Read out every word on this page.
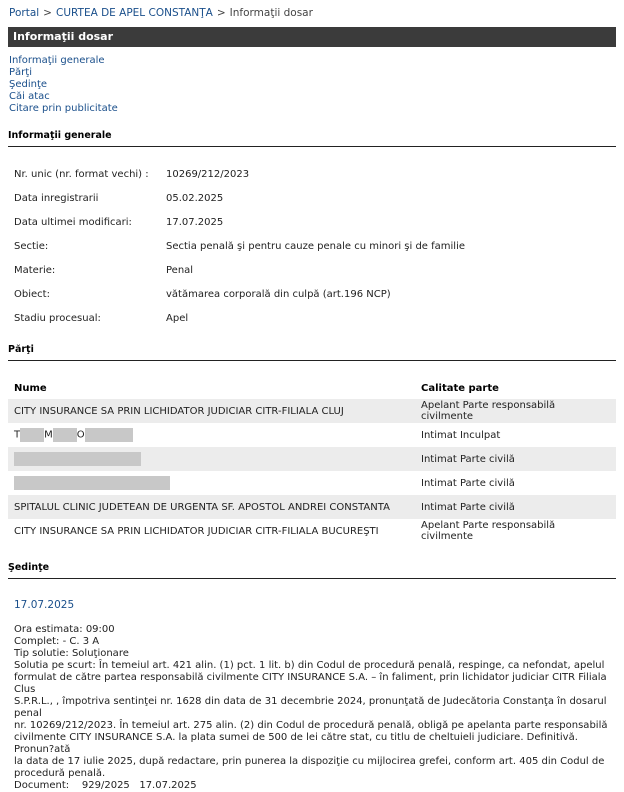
Portal > CURTEA DE APEL CONSTANŢA > Informaţii dosar
Informaţii dosar
Informaţii generale
Părţi
Şedinţe
Căi atac
Citare prin publicitate
Informaţii generale
Nr. unic (nr. format vechi) :	10269/212/2023
Data inregistrarii	05.02.2025
Data ultimei modificari:	17.07.2025
Sectie:	Sectia penală şi pentru cauze penale cu minori şi de familie
Materie:	Penal
Obiect:	vătămarea corporală din culpă (art.196 NCP)
Stadiu procesual:	Apel
Părţi
Nume	Calitate parte
CITY INSURANCE SA PRIN LICHIDATOR JUDICIAR CITR-FILIALA CLUJ	Apelant Parte responsabilă civilmente
T M O	Intimat Inculpat
	Intimat Parte civilă
	Intimat Parte civilă
SPITALUL CLINIC JUDETEAN DE URGENTA SF. APOSTOL ANDREI CONSTANTA	Intimat Parte civilă
CITY INSURANCE SA PRIN LICHIDATOR JUDICIAR CITR-FILIALA BUCUREŞTI	Apelant Parte responsabilă civilmente
Şedinţe
17.07.2025
Ora estimata: 09:00
Complet: - C. 3 A
Tip solutie: Soluţionare
Solutia pe scurt: În temeiul art. 421 alin. (1) pct. 1 lit. b) din Codul de procedură penală, respinge, ca nefondat, apelul
formulat de către partea responsabilă civilmente CITY INSURANCE S.A. – în faliment, prin lichidator judiciar CITR Filiala Clus
S.P.R.L., , împotriva sentinţei nr. 1628 din data de 31 decembrie 2024, pronunţată de Judecătoria Constanţa în dosarul penal
nr. 10269/212/2023. În temeiul art. 275 alin. (2) din Codul de procedură penală, obligă pe apelanta parte responsabilă
civilmente CITY INSURANCE S.A. la plata sumei de 500 de lei către stat, cu titlu de cheltuieli judiciare. Definitivă. Pronun?ată
la data de 17 iulie 2025, după redactare, prin punerea la dispoziţie cu mijlocirea grefei, conform art. 405 din Codul de
procedură penală.
Document:    929/2025   17.07.2025
